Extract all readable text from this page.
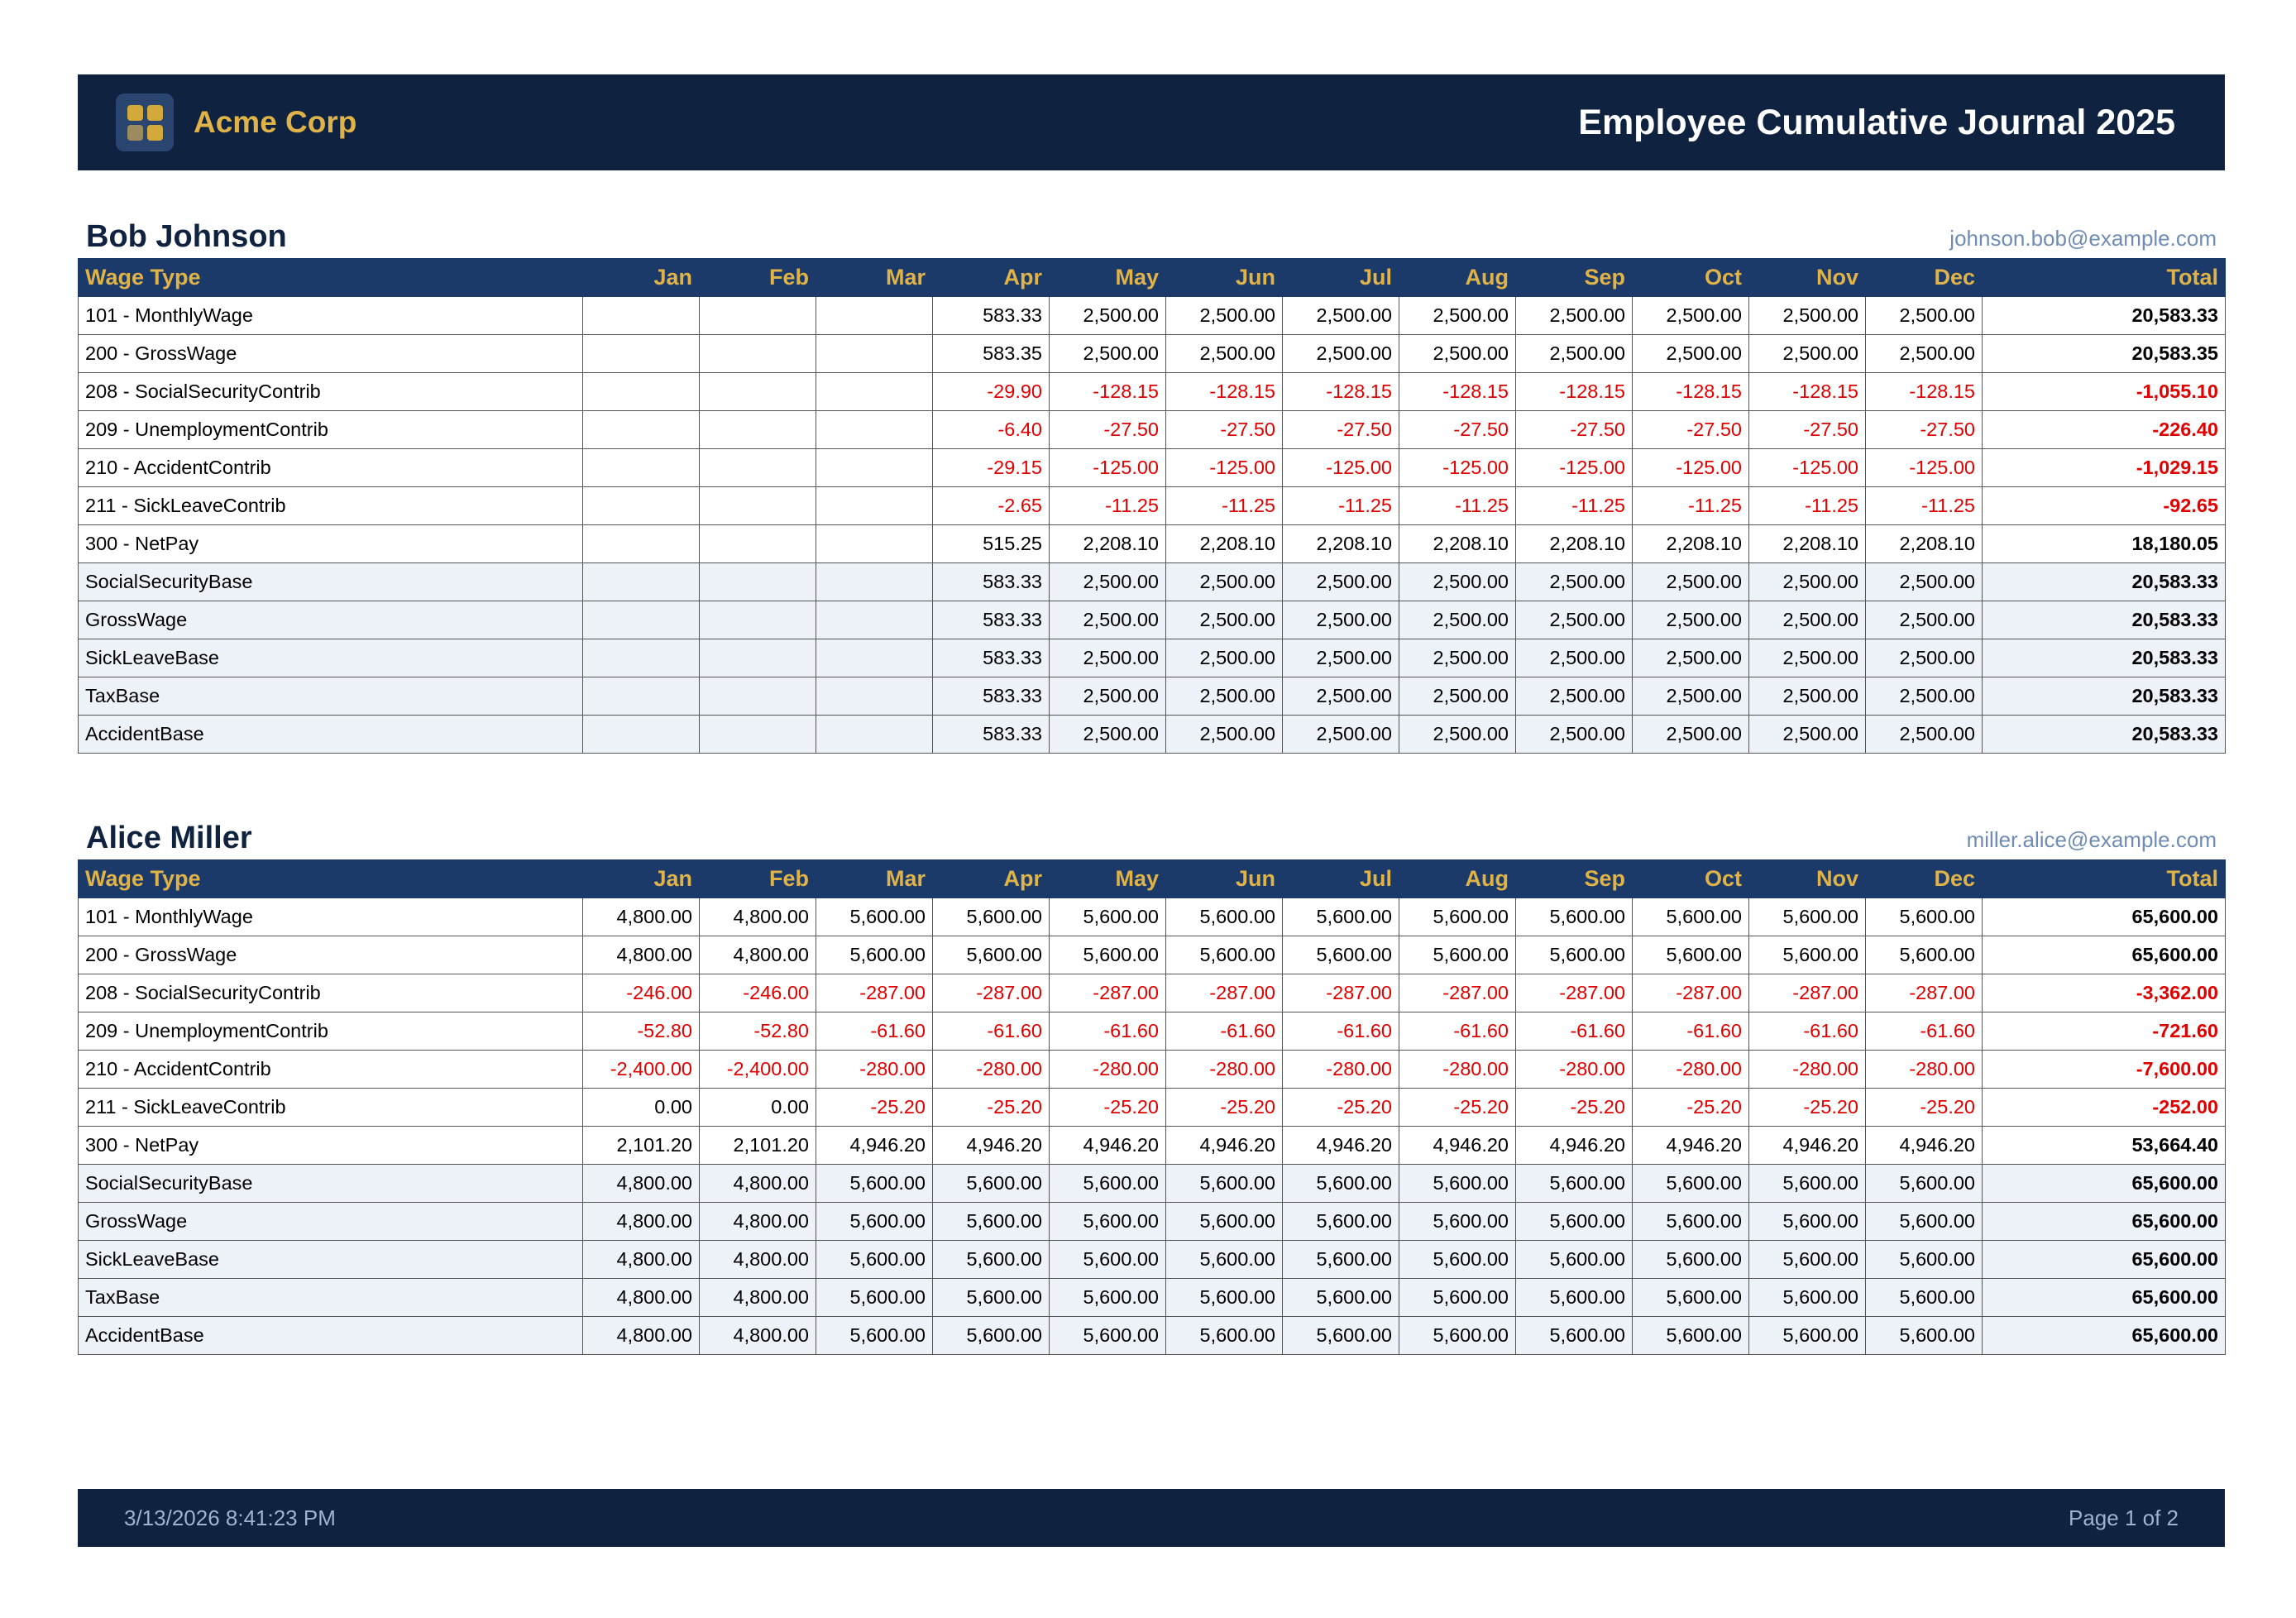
Acme Corp	Employee Cumulative Journal 2025
Bob Johnson	johnson.bob@example.com
Wage Type	Jan	Feb	Mar	Apr	May	Jun	Jul	Aug	Sep	Oct	Nov	Dec	Total
101 - MonthlyWage				583.33	2,500.00	2,500.00	2,500.00	2,500.00	2,500.00	2,500.00	2,500.00	2,500.00	20,583.33
200 - GrossWage				583.35	2,500.00	2,500.00	2,500.00	2,500.00	2,500.00	2,500.00	2,500.00	2,500.00	20,583.35
208 - SocialSecurityContrib				-29.90	-128.15	-128.15	-128.15	-128.15	-128.15	-128.15	-128.15	-128.15	-1,055.10
209 - UnemploymentContrib				-6.40	-27.50	-27.50	-27.50	-27.50	-27.50	-27.50	-27.50	-27.50	-226.40
210 - AccidentContrib				-29.15	-125.00	-125.00	-125.00	-125.00	-125.00	-125.00	-125.00	-125.00	-1,029.15
211 - SickLeaveContrib				-2.65	-11.25	-11.25	-11.25	-11.25	-11.25	-11.25	-11.25	-11.25	-92.65
300 - NetPay				515.25	2,208.10	2,208.10	2,208.10	2,208.10	2,208.10	2,208.10	2,208.10	2,208.10	18,180.05
SocialSecurityBase				583.33	2,500.00	2,500.00	2,500.00	2,500.00	2,500.00	2,500.00	2,500.00	2,500.00	20,583.33
GrossWage				583.33	2,500.00	2,500.00	2,500.00	2,500.00	2,500.00	2,500.00	2,500.00	2,500.00	20,583.33
SickLeaveBase				583.33	2,500.00	2,500.00	2,500.00	2,500.00	2,500.00	2,500.00	2,500.00	2,500.00	20,583.33
TaxBase				583.33	2,500.00	2,500.00	2,500.00	2,500.00	2,500.00	2,500.00	2,500.00	2,500.00	20,583.33
AccidentBase				583.33	2,500.00	2,500.00	2,500.00	2,500.00	2,500.00	2,500.00	2,500.00	2,500.00	20,583.33
Alice Miller	miller.alice@example.com
Wage Type	Jan	Feb	Mar	Apr	May	Jun	Jul	Aug	Sep	Oct	Nov	Dec	Total
101 - MonthlyWage	4,800.00	4,800.00	5,600.00	5,600.00	5,600.00	5,600.00	5,600.00	5,600.00	5,600.00	5,600.00	5,600.00	5,600.00	65,600.00
200 - GrossWage	4,800.00	4,800.00	5,600.00	5,600.00	5,600.00	5,600.00	5,600.00	5,600.00	5,600.00	5,600.00	5,600.00	5,600.00	65,600.00
208 - SocialSecurityContrib	-246.00	-246.00	-287.00	-287.00	-287.00	-287.00	-287.00	-287.00	-287.00	-287.00	-287.00	-287.00	-3,362.00
209 - UnemploymentContrib	-52.80	-52.80	-61.60	-61.60	-61.60	-61.60	-61.60	-61.60	-61.60	-61.60	-61.60	-61.60	-721.60
210 - AccidentContrib	-2,400.00	-2,400.00	-280.00	-280.00	-280.00	-280.00	-280.00	-280.00	-280.00	-280.00	-280.00	-280.00	-7,600.00
211 - SickLeaveContrib	0.00	0.00	-25.20	-25.20	-25.20	-25.20	-25.20	-25.20	-25.20	-25.20	-25.20	-25.20	-252.00
300 - NetPay	2,101.20	2,101.20	4,946.20	4,946.20	4,946.20	4,946.20	4,946.20	4,946.20	4,946.20	4,946.20	4,946.20	4,946.20	53,664.40
SocialSecurityBase	4,800.00	4,800.00	5,600.00	5,600.00	5,600.00	5,600.00	5,600.00	5,600.00	5,600.00	5,600.00	5,600.00	5,600.00	65,600.00
GrossWage	4,800.00	4,800.00	5,600.00	5,600.00	5,600.00	5,600.00	5,600.00	5,600.00	5,600.00	5,600.00	5,600.00	5,600.00	65,600.00
SickLeaveBase	4,800.00	4,800.00	5,600.00	5,600.00	5,600.00	5,600.00	5,600.00	5,600.00	5,600.00	5,600.00	5,600.00	5,600.00	65,600.00
TaxBase	4,800.00	4,800.00	5,600.00	5,600.00	5,600.00	5,600.00	5,600.00	5,600.00	5,600.00	5,600.00	5,600.00	5,600.00	65,600.00
AccidentBase	4,800.00	4,800.00	5,600.00	5,600.00	5,600.00	5,600.00	5,600.00	5,600.00	5,600.00	5,600.00	5,600.00	5,600.00	65,600.00
3/13/2026 8:41:23 PM	Page 1 of 2
